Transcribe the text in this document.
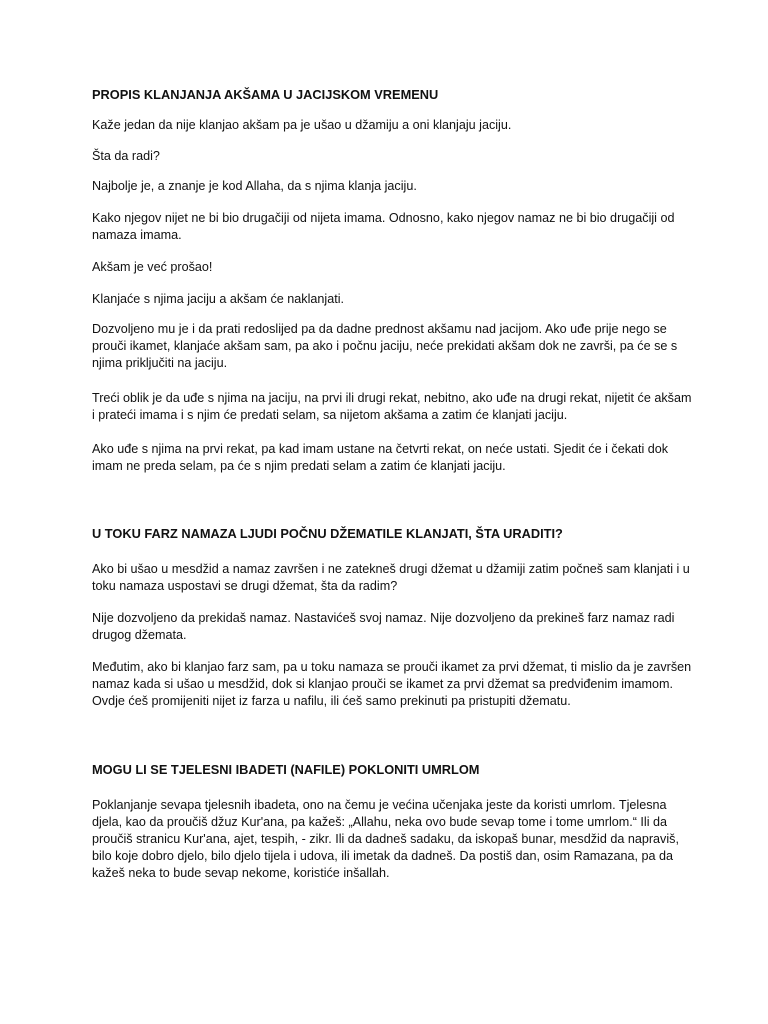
PROPIS KLANJANJA AKŠAMA U JACIJSKOM VREMENU

Kaže jedan da nije klanjao akšam pa je ušao u džamiju a oni klanjaju jaciju.

Šta da radi?

Najbolje je, a znanje je kod Allaha, da s njima klanja jaciju.

Kako njegov nijet ne bi bio drugačiji od nijeta imama. Odnosno, kako njegov namaz ne bi bio drugačiji od namaza imama.

Akšam je već prošao!

Klanjaće s njima jaciju a akšam će naklanjati.

Dozvoljeno mu je i da prati redoslijed pa da dadne prednost akšamu nad jacijom. Ako uđe prije nego se prouči ikamet, klanjaće akšam sam, pa ako i počnu jaciju, neće prekidati akšam dok ne završi, pa će se s njima priključiti na jaciju.

Treći oblik je da uđe s njima na jaciju, na prvi ili drugi rekat, nebitno, ako uđe na drugi rekat, nijetit će akšam i prateći imama i s njim će predati selam, sa nijetom akšama a zatim će klanjati jaciju.

Ako uđe s njima na prvi rekat, pa kad imam ustane na četvrti rekat, on neće ustati. Sjedit će i čekati dok imam ne preda selam, pa će s njim predati selam a zatim će klanjati jaciju.

U TOKU FARZ NAMAZA LJUDI POČNU DŽEMATILE KLANJATI, ŠTA URADITI?

Ako bi ušao u mesdžid a namaz završen i ne zatekneš drugi džemat u džamiji zatim počneš sam klanjati i u toku namaza uspostavi se drugi džemat, šta da radim?

Nije dozvoljeno da prekidaš namaz. Nastavićeš svoj namaz. Nije dozvoljeno da prekineš farz namaz radi drugog džemata.

Međutim, ako bi klanjao farz sam, pa u toku namaza se prouči ikamet za prvi džemat, ti mislio da je završen namaz kada si ušao u mesdžid, dok si klanjao prouči se ikamet za prvi džemat sa predviđenim imamom. Ovdje ćeš promijeniti nijet iz farza u nafilu, ili ćeš samo prekinuti pa pristupiti džematu.

MOGU LI SE TJELESNI IBADETI (NAFILE) POKLONITI UMRLOM

Poklanjanje sevapa tjelesnih ibadeta, ono na čemu je većina učenjaka jeste da koristi umrlom. Tjelesna djela, kao da proučiš džuz Kur'ana, pa kažeš: „Allahu, neka ovo bude sevap tome i tome umrlom.“ Ili da proučiš stranicu Kur'ana, ajet, tespih, - zikr. Ili da dadneš sadaku, da iskopaš bunar, mesdžid da napraviš, bilo koje dobro djelo, bilo djelo tijela i udova, ili imetak da dadneš. Da postiš dan, osim Ramazana, pa da kažeš neka to bude sevap nekome, koristiće inšallah.
